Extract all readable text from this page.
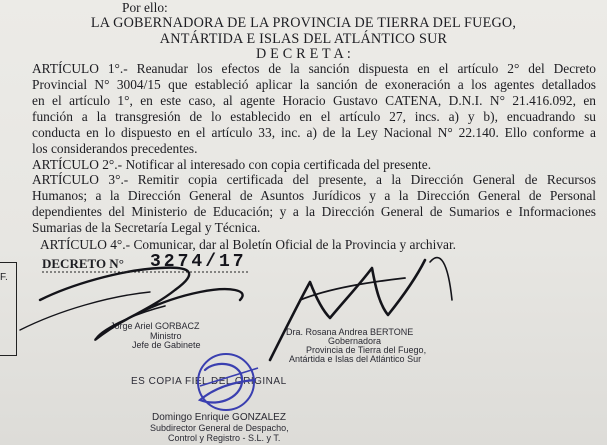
Por ello:
LA GOBERNADORA DE LA PROVINCIA DE TIERRA DEL FUEGO,
ANTÁRTIDA E ISLAS DEL ATLÁNTICO SUR
D E C R E T A :
ARTÍCULO 1°.- Reanudar los efectos de la sanción dispuesta en el artículo 2° del Decreto
Provincial N° 3004/15 que estableció aplicar la sanción de exoneración a los agentes detallados
en el artículo 1°, en este caso, al agente Horacio Gustavo CATENA, D.N.I. N° 21.416.092, en
función a la transgresión de lo establecido en el artículo 27, incs. a) y b), encuadrando su
conducta en lo dispuesto en el artículo 33, inc. a) de la Ley Nacional N° 22.140. Ello conforme a
los considerandos precedentes.
ARTÍCULO 2°.- Notificar al interesado con copia certificada del presente.
ARTÍCULO 3°.- Remitir copia certificada del presente, a la Dirección General de Recursos
Humanos; a la Dirección General de Asuntos Jurídicos y a la Dirección General de Personal
dependientes del Ministerio de Educación; y a la Dirección General de Sumarios e Informaciones
Sumarias de la Secretaría Legal y Técnica.
ARTÍCULO 4°.- Comunicar, dar al Boletín Oficial de la Provincia y archivar.
DECRETO N° 3274/17
F.
Jorge Ariel GORBACZ
Ministro
Jefe de Gabinete
Dra. Rosana Andrea BERTONE
Gobernadora
Provincia de Tierra del Fuego,
Antártida e Islas del Atlántico Sur
ES COPIA FIEL DEL ORIGINAL
Domingo Enrique GONZALEZ
Subdirector General de Despacho,
Control y Registro - S.L. y T.
